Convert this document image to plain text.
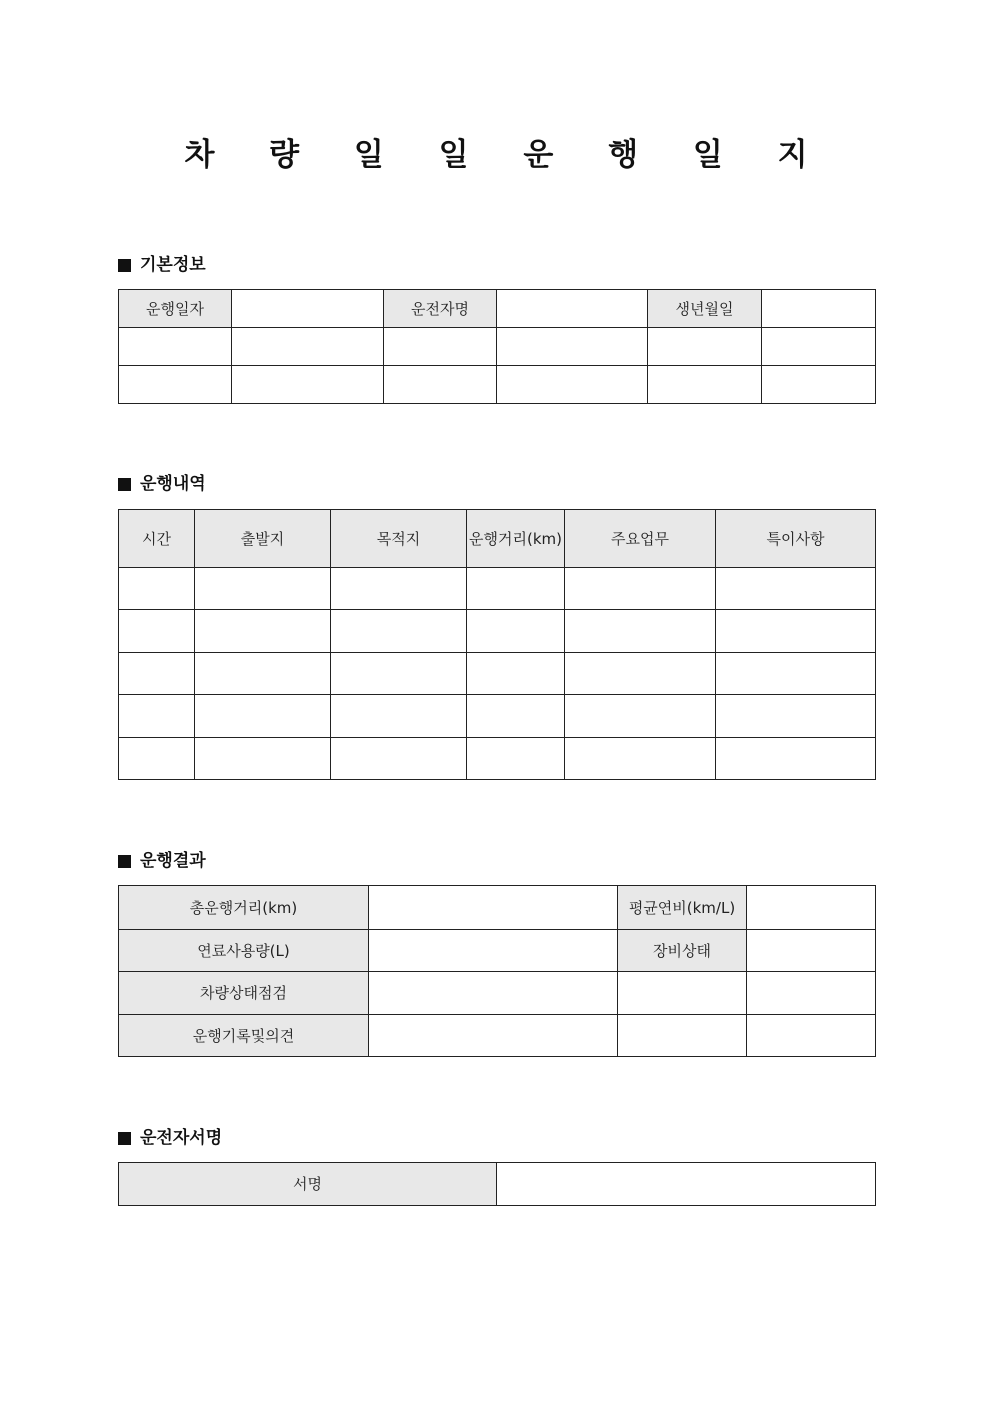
차 량 일 일 운 행 일 지
기본정보
운행일자		운전자명		생년월일	

운행내역
시간	출발지	목적지	운행거리(km)	주요업무	특이사항

운행결과
총운행거리(km)		평균연비(km/L)	
연료사용량(L)		장비상태	
차량상태점검			
운행기록및의견			
운전자서명
서명	
